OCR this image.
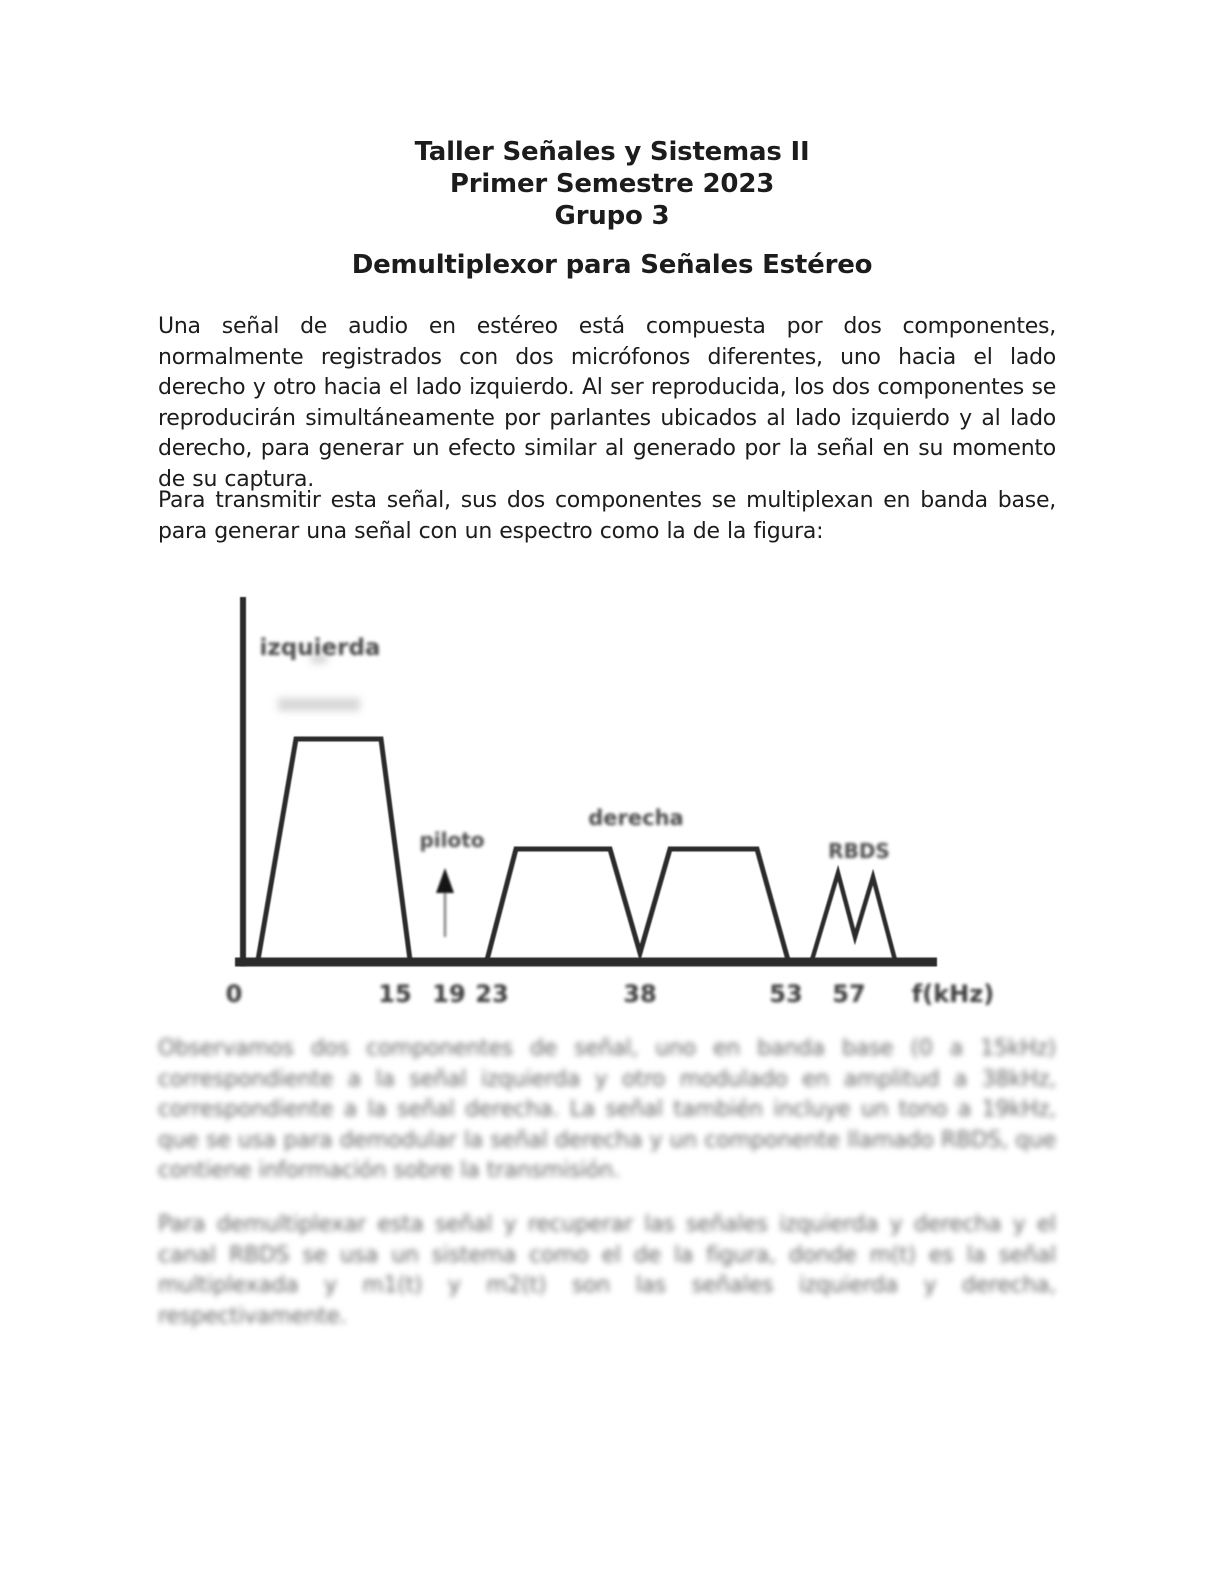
Taller Señales y Sistemas II
Primer Semestre 2023
Grupo 3
Demultiplexor para Señales Estéreo
Una señal de audio en estéreo está compuesta por dos componentes, normalmente registrados con dos micrófonos diferentes, uno hacia el lado derecho y otro hacia el lado izquierdo. Al ser reproducida, los dos componentes se reproducirán simultáneamente por parlantes ubicados al lado izquierdo y al lado derecho, para generar un efecto similar al generado por la señal en su momento de su captura.
Para transmitir esta señal, sus dos componentes se multiplexan en banda base, para generar una señal con un espectro como la de la figura:
izquierda
piloto
derecha
RBDS
0	15 19 23	38	53 57 f(kHz)
Observamos dos componentes de señal, uno en banda base (0 a 15kHz) correspondiente a la señal izquierda y otro modulado en amplitud a 38kHz, correspondiente a la señal derecha. La señal también incluye un tono a 19kHz, que se usa para demodular la señal derecha y un componente llamado RBDS, que contiene información sobre la transmisión.
Para demultiplexar esta señal y recuperar las señales izquierda y derecha y el canal RBDS se usa un sistema como el de la figura, donde m(t) es la señal multiplexada y m1(t) y m2(t) son las señales izquierda y derecha, respectivamente.
